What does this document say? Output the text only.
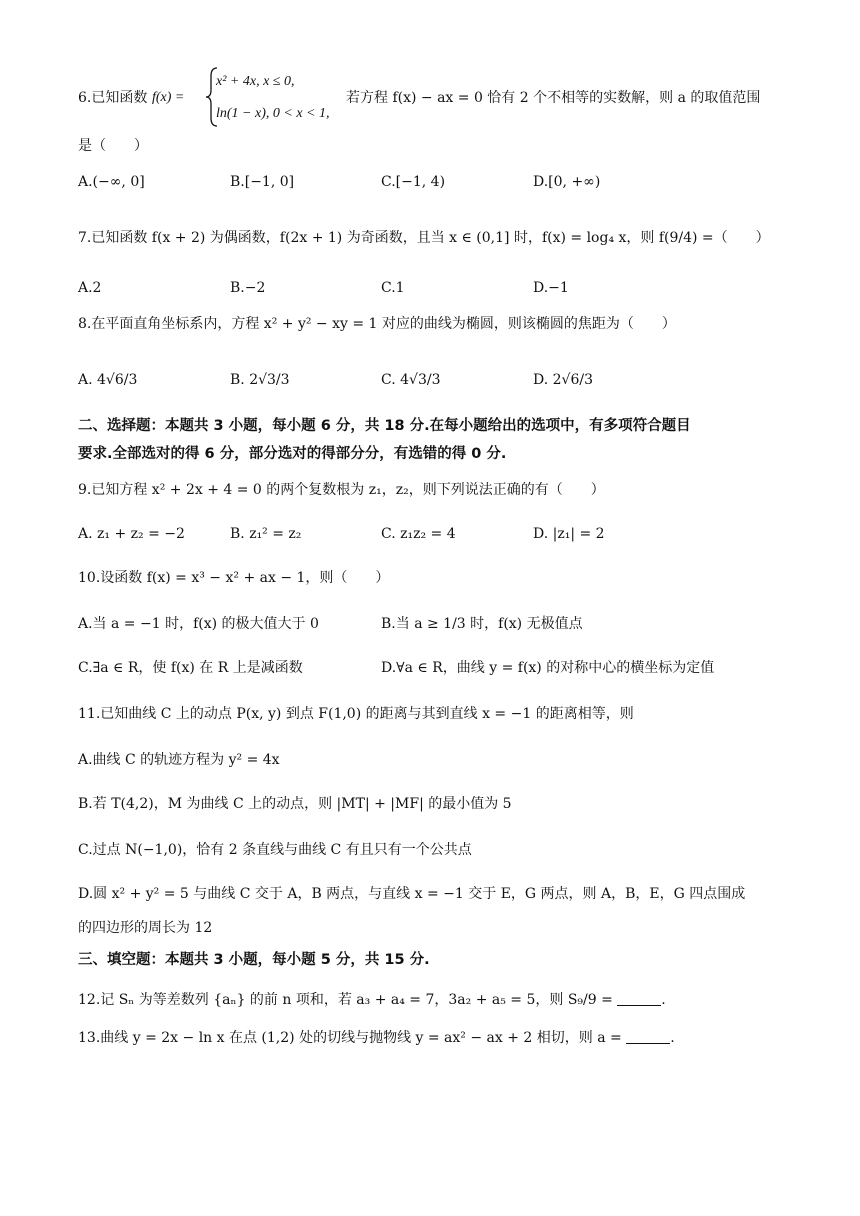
6.已知函数 f(x) =
x² + 4x, x ≤ 0,
ln(1 − x), 0 < x < 1,
若方程 f(x) − ax = 0 恰有 2 个不相等的实数解，则 a 的取值范围
是（　　）
A.(−∞, 0]	B.[−1, 0]	C.[−1, 4)	D.[0, +∞)
7.已知函数 f(x + 2) 为偶函数，f(2x + 1) 为奇函数，且当 x ∈ (0,1] 时，f(x) = log₄ x，则 f(9/4) =（　　）
A.2	B.−2	C.1	D.−1
8.在平面直角坐标系内，方程 x² + y² − xy = 1 对应的曲线为椭圆，则该椭圆的焦距为（　　）
A. 4√6/3	B. 2√3/3	C. 4√3/3	D. 2√6/3
二、选择题：本题共 3 小题，每小题 6 分，共 18 分.在每小题给出的选项中，有多项符合题目
要求.全部选对的得 6 分，部分选对的得部分分，有选错的得 0 分.
9.已知方程 x² + 2x + 4 = 0 的两个复数根为 z₁，z₂，则下列说法正确的有（　　）
A. z₁ + z₂ = −2	B. z₁² = z₂	C. z₁z₂ = 4	D. |z₁| = 2
10.设函数 f(x) = x³ − x² + ax − 1，则（　　）
A.当 a = −1 时，f(x) 的极大值大于 0	B.当 a ≥ 1/3 时，f(x) 无极值点
C.∃a ∈ R，使 f(x) 在 R 上是减函数	D.∀a ∈ R，曲线 y = f(x) 的对称中心的横坐标为定值
11.已知曲线 C 上的动点 P(x, y) 到点 F(1,0) 的距离与其到直线 x = −1 的距离相等，则
A.曲线 C 的轨迹方程为 y² = 4x
B.若 T(4,2)，M 为曲线 C 上的动点，则 |MT| + |MF| 的最小值为 5
C.过点 N(−1,0)，恰有 2 条直线与曲线 C 有且只有一个公共点
D.圆 x² + y² = 5 与曲线 C 交于 A，B 两点，与直线 x = −1 交于 E，G 两点，则 A，B，E，G 四点围成
的四边形的周长为 12
三、填空题：本题共 3 小题，每小题 5 分，共 15 分.
12.记 Sₙ 为等差数列 {aₙ} 的前 n 项和，若 a₃ + a₄ = 7，3a₂ + a₅ = 5，则 S₉/9 =	.
13.曲线 y = 2x − ln x 在点 (1,2) 处的切线与抛物线 y = ax² − ax + 2 相切，则 a =	.
